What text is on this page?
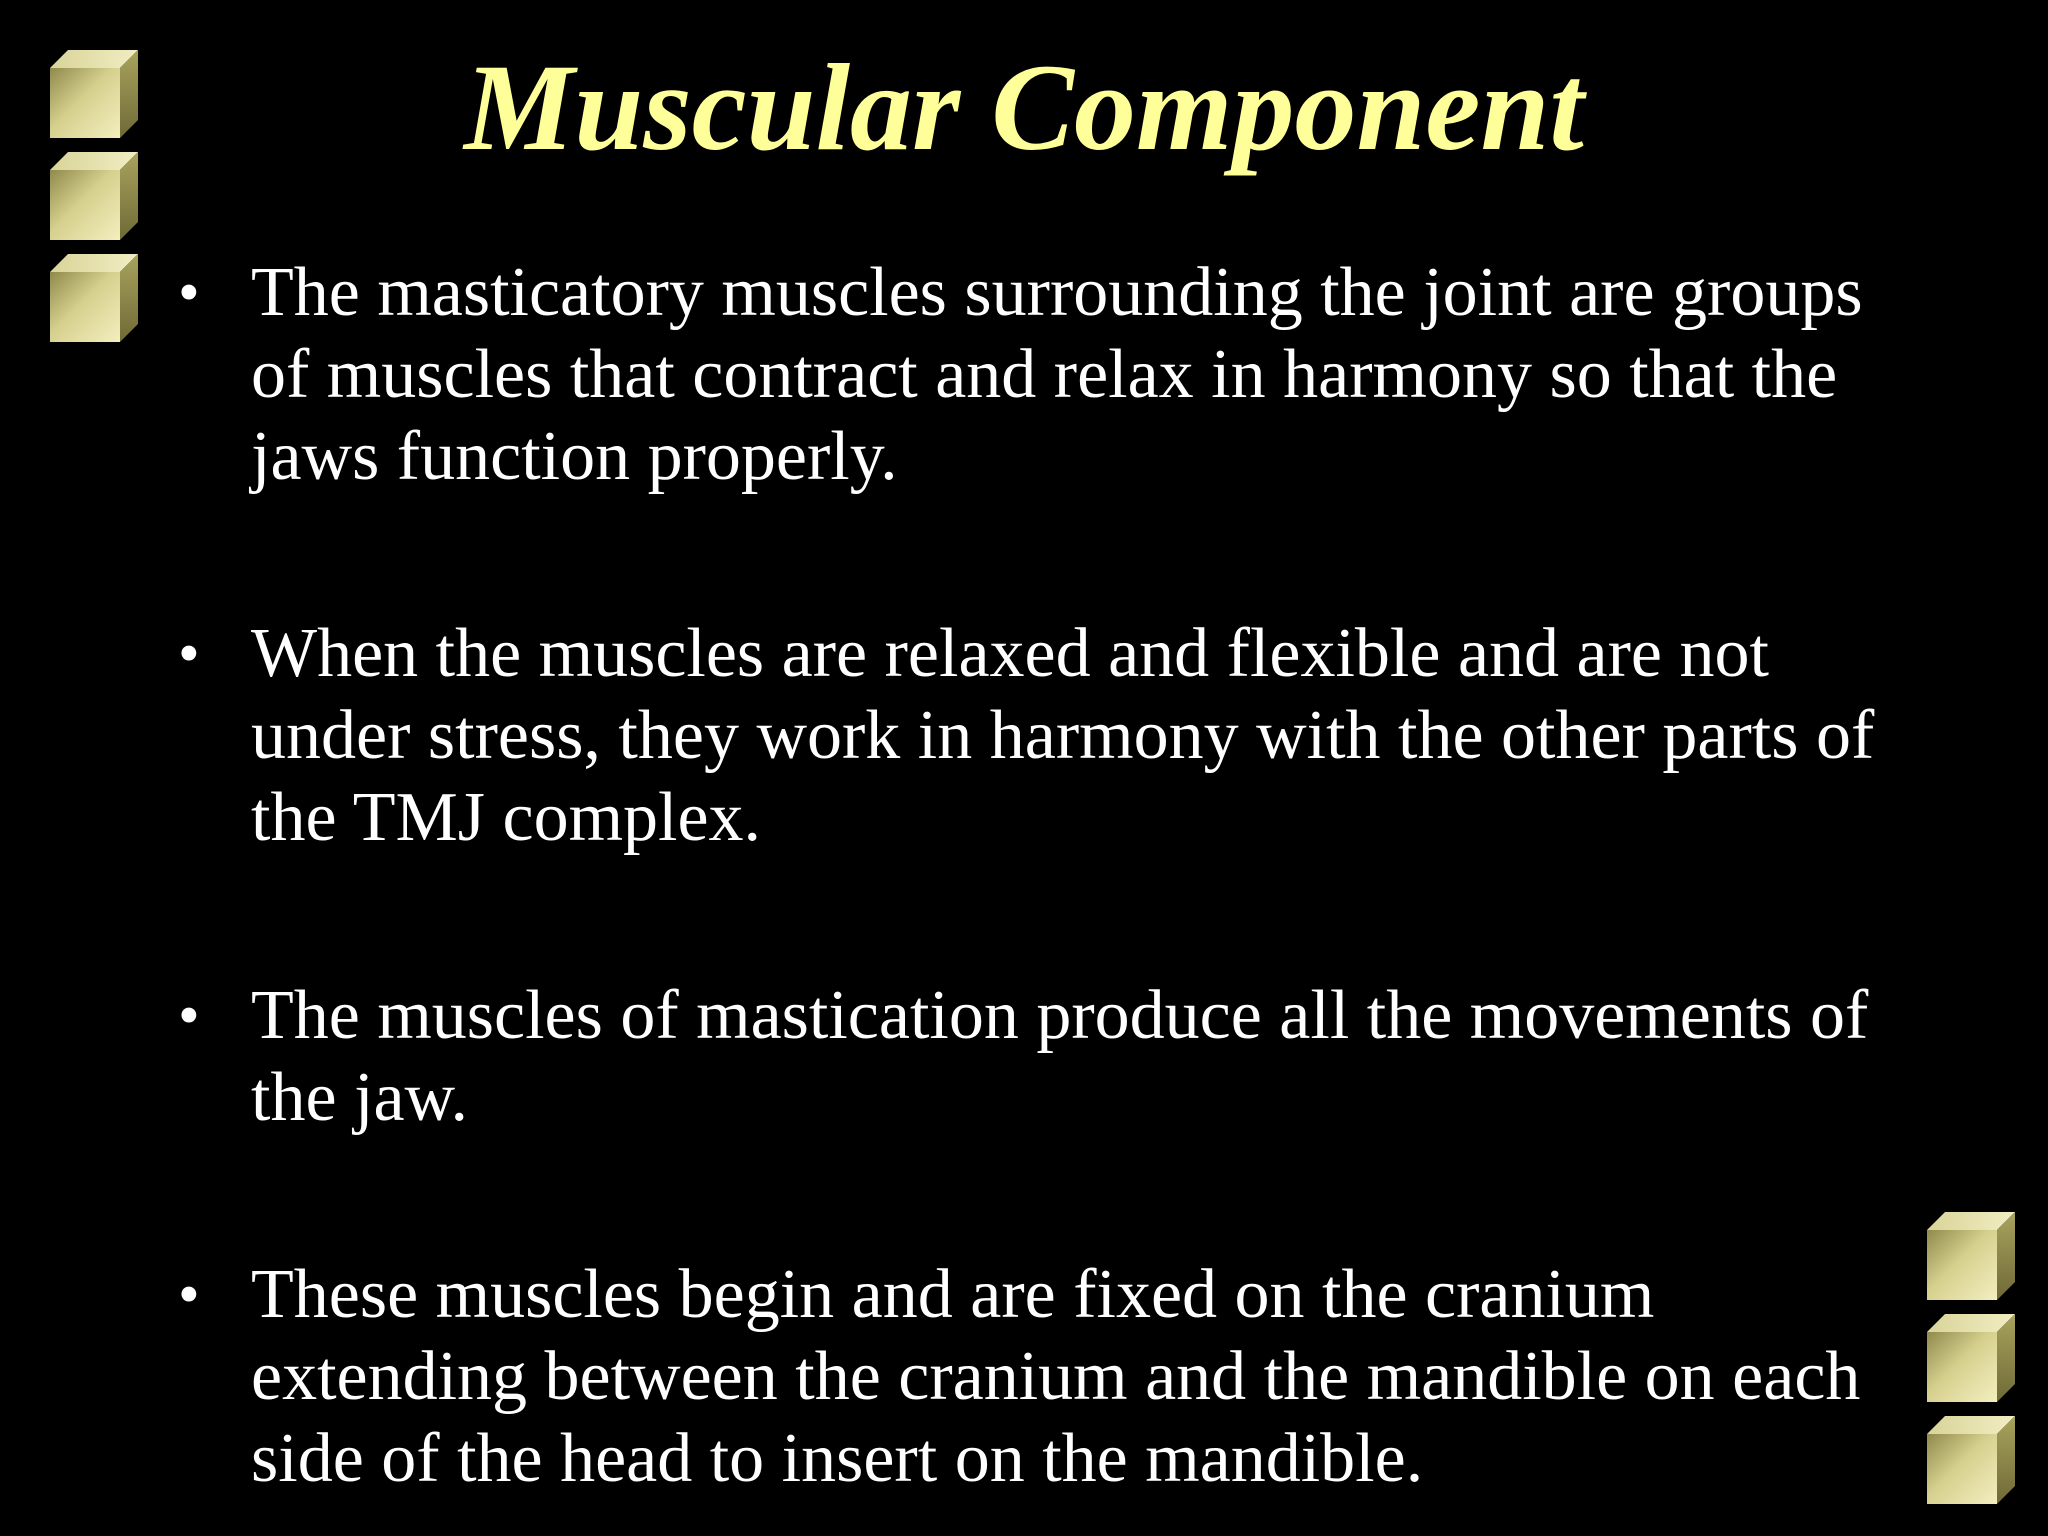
Muscular Component
• The masticatory muscles surrounding the joint are groups
of muscles that contract and relax in harmony so that the
jaws function properly.
• When the muscles are relaxed and flexible and are not
under stress, they work in harmony with the other parts of
the TMJ complex.
• The muscles of mastication produce all the movements of
the jaw.
• These muscles begin and are fixed on the cranium
extending between the cranium and the mandible on each
side of the head to insert on the mandible.
